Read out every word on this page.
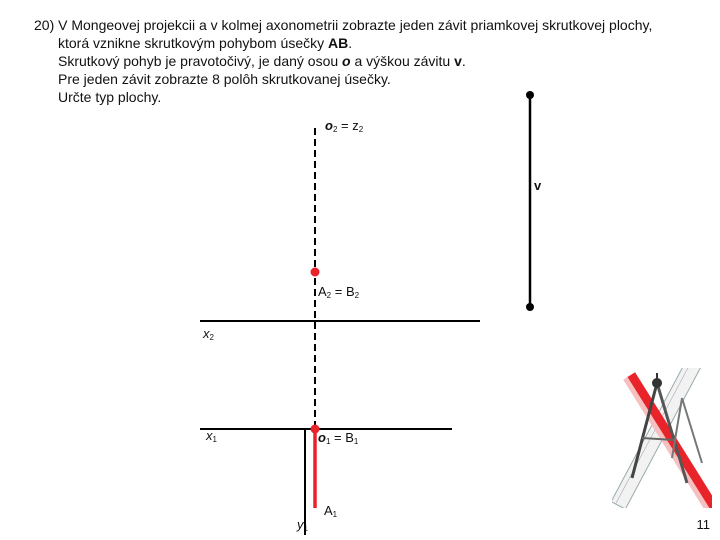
20) V Mongeovej projekcii a v kolmej axonometrii zobrazte jeden závit priamkovej skrutkovej plochy,
ktorá vznikne skrutkovým pohybom úsečky AB.
Skrutkový pohyb je pravotočivý, je daný osou o a výškou závitu v.
Pre jeden závit zobrazte 8 polôh skrutkovanej úsečky.
Určte typ plochy.
$o_2 = z_2$
v
$A_2 = B_2$
$x_2$
$x_1$	$o_1 = B_1$
$A_1$
$y_1$	11
